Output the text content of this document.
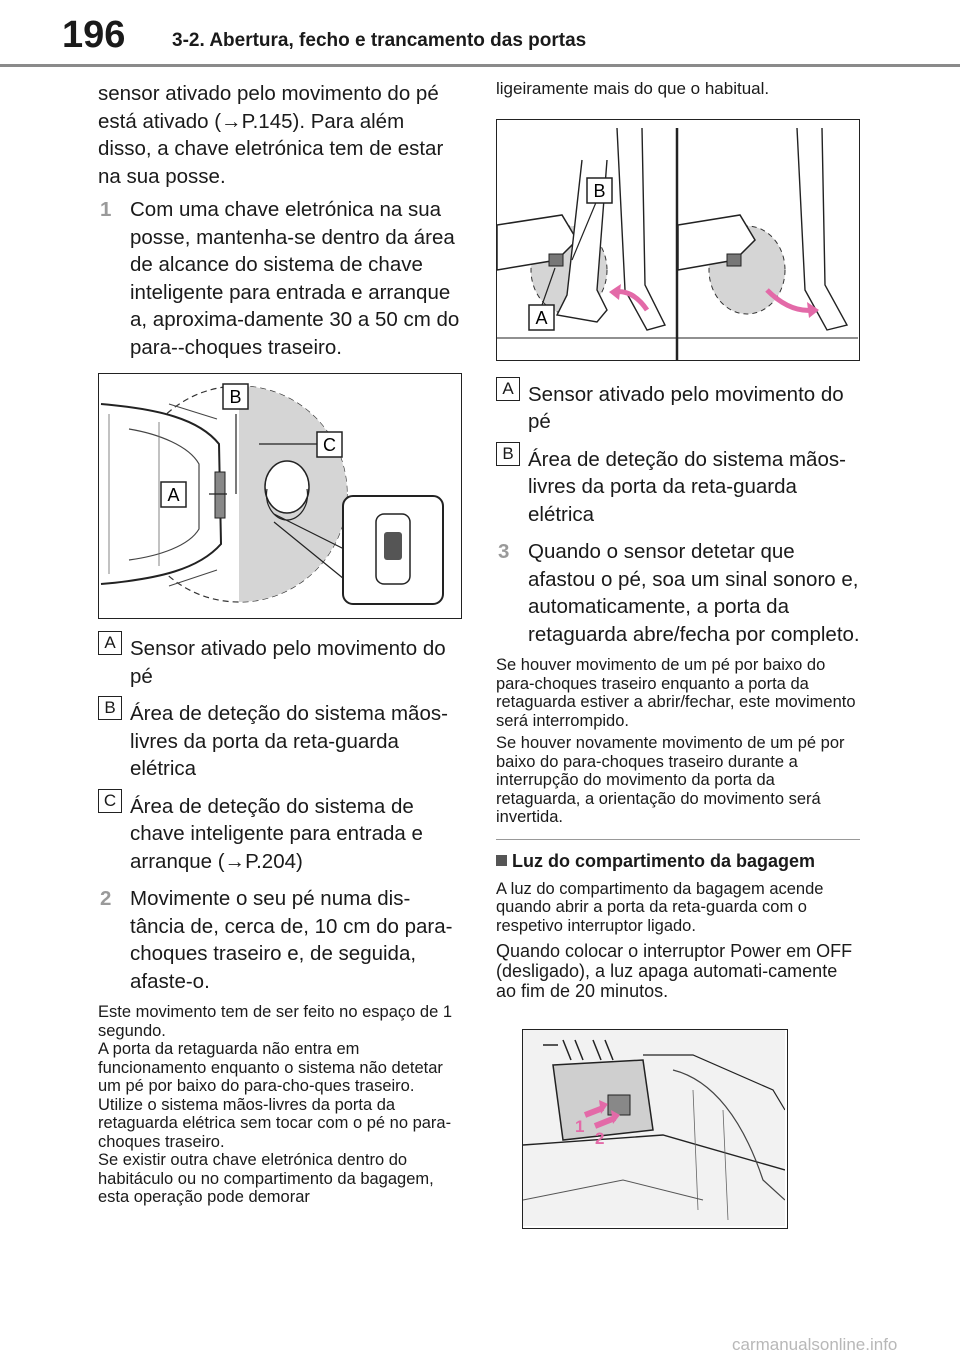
196 3-2. Abertura, fecho e trancamento das portas

sensor ativado pelo movimento do pé está ativado (→P.145). Para além disso, a chave eletrónica tem de estar na sua posse.

1 Com uma chave eletrónica na sua posse, mantenha-se dentro da área de alcance do sistema de chave inteligente para entrada e arranque a, aproxima-damente 30 a 50 cm do para--choques traseiro.
B
C
A
A Sensor ativado pelo movimento do pé
B Área de deteção do sistema mãos-livres da porta da reta-guarda elétrica
C Área de deteção do sistema de chave inteligente para entrada e arranque (→P.204)
2 Movimente o seu pé numa dis-tância de, cerca de, 10 cm do para-choques traseiro e, de seguida, afaste-o.

Este movimento tem de ser feito no espaço de 1 segundo.

A porta da retaguarda não entra em funcionamento enquanto o sistema não detetar um pé por baixo do para-cho-ques traseiro.

Utilize o sistema mãos-livres da porta da retaguarda elétrica sem tocar com o pé no para-choques traseiro.

Se existir outra chave eletrónica dentro do habitáculo ou no compartimento da bagagem, esta operação pode demorar

ligeiramente mais do que o habitual.

B
A
A Sensor ativado pelo movimento do pé
B Área de deteção do sistema mãos-livres da porta da reta-guarda elétrica
3 Quando o sensor detetar que afastou o pé, soa um sinal sonoro e, automaticamente, a porta da retaguarda abre/fecha por completo.

Se houver movimento de um pé por baixo do para-choques traseiro enquanto a porta da retaguarda estiver a abrir/fechar, este movimento será interrompido.

Se houver novamente movimento de um pé por baixo do para-choques traseiro durante a interrupção do movimento da porta da retaguarda, a orientação do movimento será invertida.

Luz do compartimento da bagagem

A luz do compartimento da bagagem acende quando abrir a porta da reta-guarda com o respetivo interruptor ligado.

Quando colocar o interruptor Power em OFF (desligado), a luz apaga automati-camente ao fim de 20 minutos.

1
2
carmanualsonline.info
